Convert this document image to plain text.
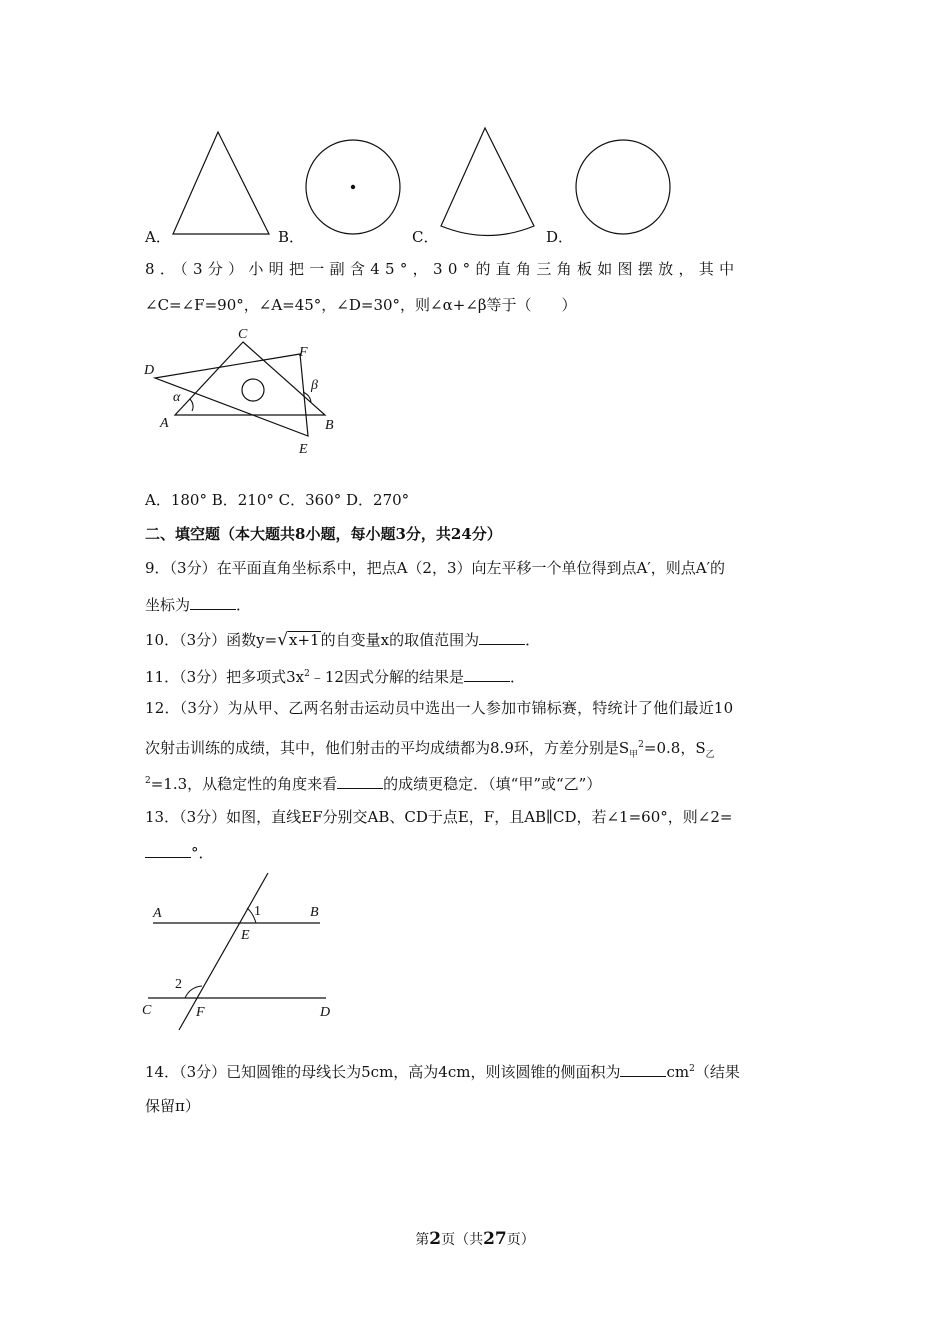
A．	B．	C．	D．
8．（3分）小明把一副含45°，30°的直角三角板如图摆放，其中
∠C=∠F=90°，∠A=45°，∠D=30°，则∠α+∠β等于（　　）
C
F
D
β
α
A	B
E
A．180° B．210° C．360° D．270°
二、填空题（本大题共8小题，每小题3分，共24分）
9．（3分）在平面直角坐标系中，把点A（2，3）向左平移一个单位得到点A′，则点A′的
坐标为	．
10．（3分）函数y=√x+1的自变量x的取值范围为	．
11．（3分）把多项式$3x^2﹣12$因式分解的结果是	．
12．（3分）为从甲、乙两名射击运动员中选出一人参加市锦标赛，特统计了他们最近10
次射击训练的成绩，其中，他们射击的平均成绩都为8.9环，方差分别是$S_甲^2=0.8$，$S_乙$
$^2$=1.3，从稳定性的角度来看	的成绩更稳定．（填“甲”或“乙”）
13．（3分）如图，直线EF分别交AB、CD于点E，F，且AB∥CD，若∠1=60°，则∠2=
°．
A	1	B
E
2
C	F	D
14．（3分）已知圆锥的母线长为5cm，高为4cm，则该圆锥的侧面积为	$cm^2$（结果
保留π）
第2页（共27页）
